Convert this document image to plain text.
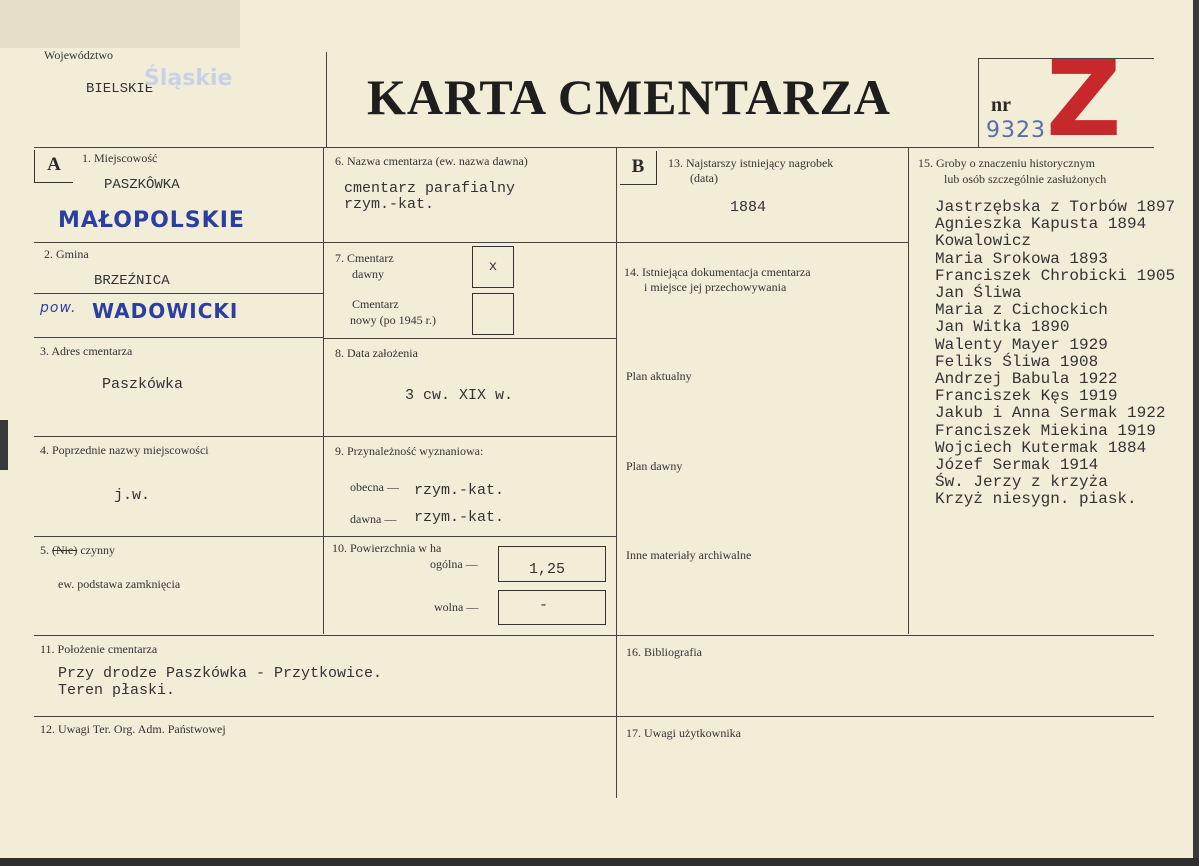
Województwo
BIELSKIE
Śląskie	KARTA CMENTARZA	nr
9323 Z
A	1. Miejscowość
PASZKÔWKA
MAŁOPOLSKIE
2. Gmina
BRZEŹNICA
pow. WADOWICKI
3. Adres cmentarza
Paszkówka
4. Poprzednie nazwy miejscowości
j.w.
5. (Nie) czynny
ew. podstawa zamknięcia
6. Nazwa cmentarza (ew. nazwa dawna)
cmentarz parafialny
rzym.-kat.
7. Cmentarz
dawny	x
Cmentarz
nowy (po 1945 r.)
8. Data założenia
3 cw. XIX w.
9. Przynależność wyznaniowa:
obecna — rzym.-kat.
dawna — rzym.-kat.
10. Powierzchnia w ha
ogólna —	1,25
wolna —	-
B	13. Najstarszy istniejący nagrobek
(data)
1884
14. Istniejąca dokumentacja cmentarza
i miejsce jej przechowywania
Plan aktualny
Plan dawny
Inne materiały archiwalne
15. Groby o znaczeniu historycznym
lub osób szczególnie zasłużonych
Jastrzębska z Torbów 1897
Agnieszka Kapusta 1894
Kowalowicz
Maria Srokowa 1893
Franciszek Chrobicki 1905
Jan Śliwa
Maria z Cichockich
Jan Witka 1890
Walenty Mayer 1929
Feliks Śliwa 1908
Andrzej Babula 1922
Franciszek Kęs 1919
Jakub i Anna Sermak 1922
Franciszek Miekina 1919
Wojciech Kutermak 1884
Józef Sermak 1914
Św. Jerzy z krzyża
Krzyż niesygn. piask.
11. Położenie cmentarza
Przy drodze Paszkówka - Przytkowice.
Teren płaski.
16. Bibliografia
12. Uwagi Ter. Org. Adm. Państwowej	17. Uwagi użytkownika
